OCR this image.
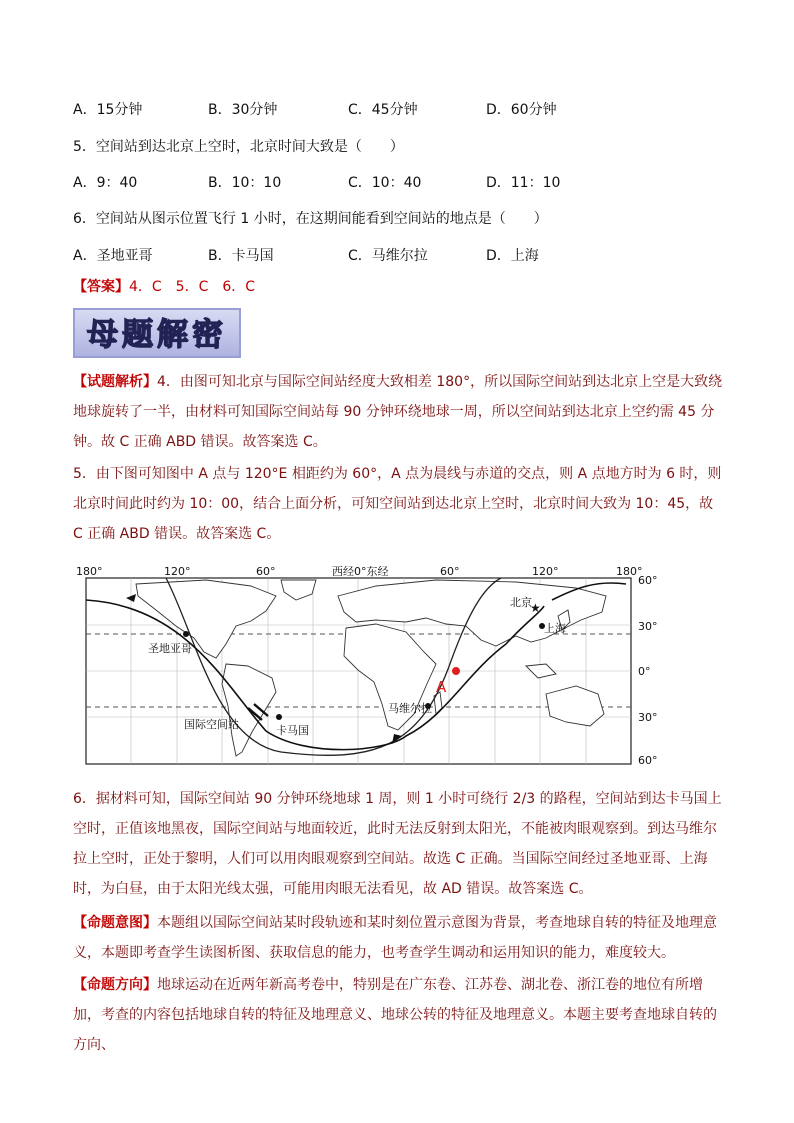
A．15分钟	B．30分钟	C．45分钟	D．60分钟
5．空间站到达北京上空时，北京时间大致是（　　）
A．9：40	B．10：10	C．10：40	D．11：10
6．空间站从图示位置飞行 1 小时，在这期间能看到空间站的地点是（　　）
A．圣地亚哥	B．卡马国	C．马维尔拉	D．上海
【答案】4．C　5．C　6．C
母题解密

【试题解析】4．由图可知北京与国际空间站经度大致相差 180°，所以国际空间站到达北京上空是大致绕地球旋转了一半，由材料可知国际空间站每 90 分钟环绕地球一周，所以空间站到达北京上空约需 45 分钟。故 C 正确 ABD 错误。故答案选 C。

5．由下图可知图中 A 点与 120°E 相距约为 60°，A 点为晨线与赤道的交点，则 A 点地方时为 6 时，则北京时间此时约为 10：00，结合上面分析，可知空间站到达北京上空时，北京时间大致为 10：45，故 C 正确 ABD 错误。故答案选 C。

★
180°	120°	60°	西经0°东经	60°	120°	180°
60°
30°
0°
30°
60°
圣地亚哥
卡马国
国际空间站
北京
上海
马维尔拉
A

6．据材料可知，国际空间站 90 分钟环绕地球 1 周，则 1 小时可绕行 2/3 的路程，空间站到达卡马国上空时，正值该地黑夜，国际空间站与地面较近，此时无法反射到太阳光，不能被肉眼观察到。到达马维尔拉上空时，正处于黎明，人们可以用肉眼观察到空间站。故选 C 正确。当国际空间经过圣地亚哥、上海时，为白昼，由于太阳光线太强，可能用肉眼无法看见，故 AD 错误。故答案选 C。

【命题意图】本题组以国际空间站某时段轨迹和某时刻位置示意图为背景，考查地球自转的特征及地理意义，本题即考查学生读图析图、获取信息的能力，也考查学生调动和运用知识的能力，难度较大。

【命题方向】地球运动在近两年新高考卷中，特别是在广东卷、江苏卷、湖北卷、浙江卷的地位有所增加，考查的内容包括地球自转的特征及地理意义、地球公转的特征及地理意义。本题主要考查地球自转的方向、
